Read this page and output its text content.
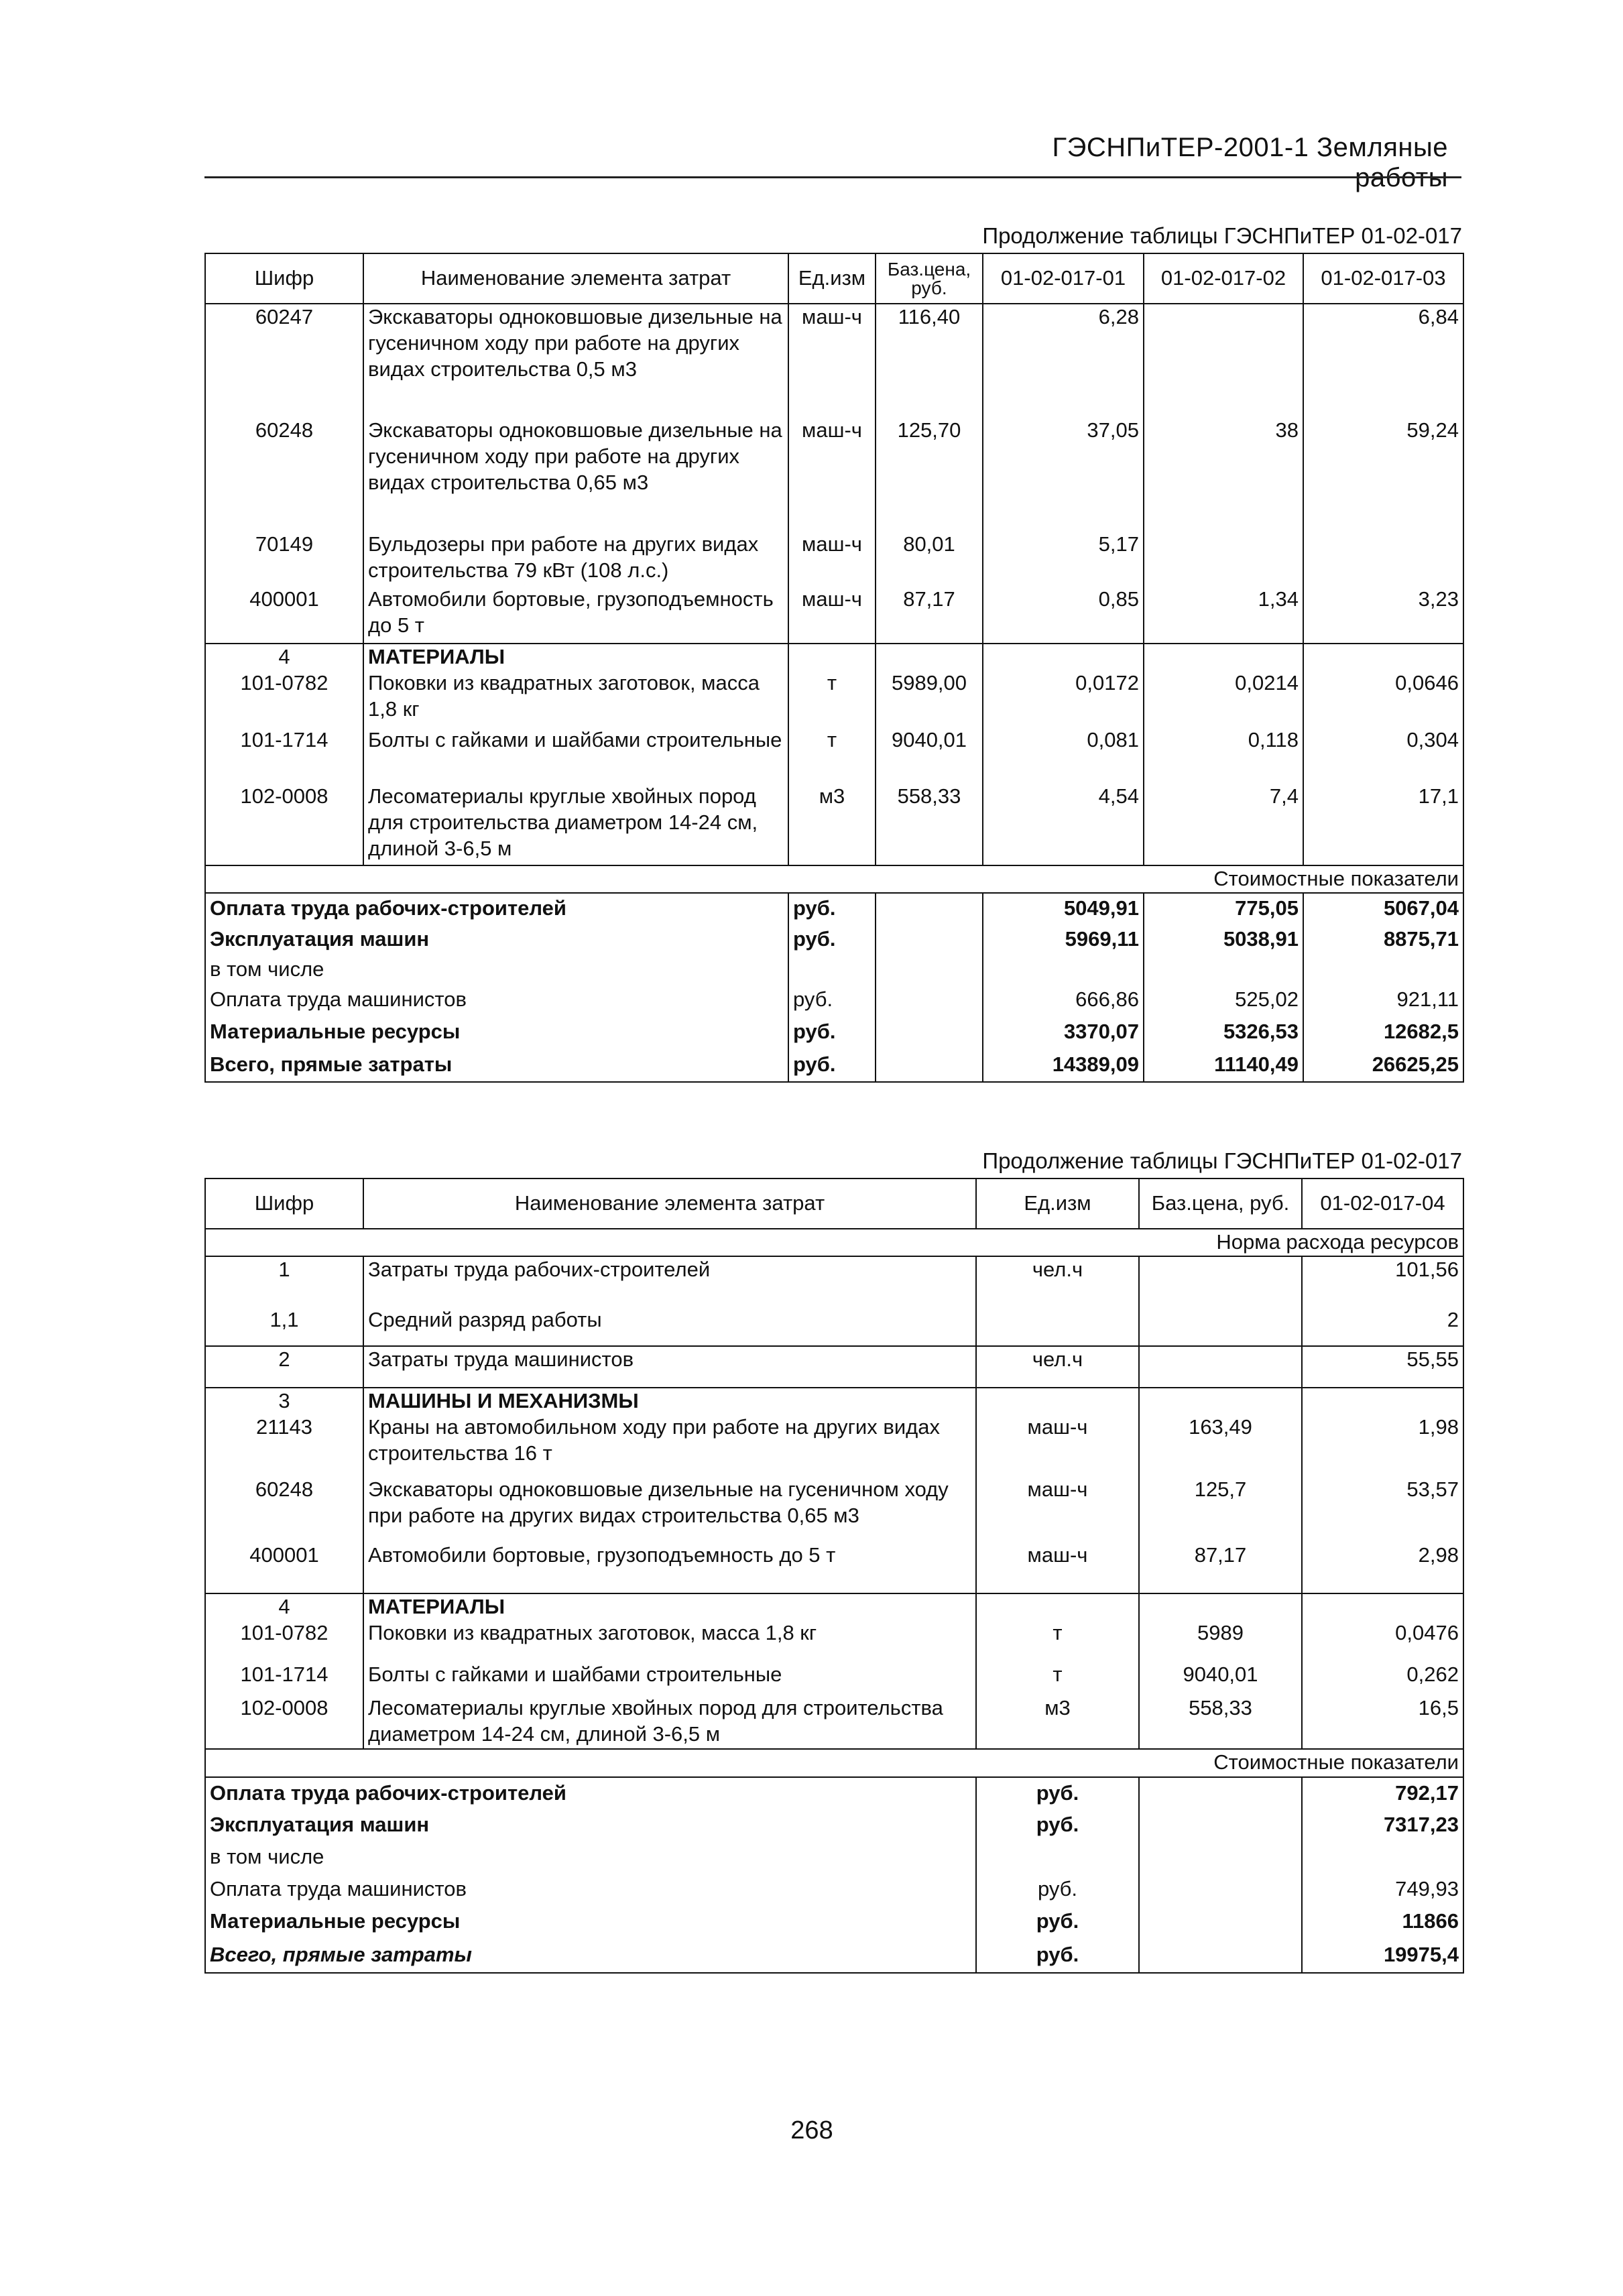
ГЭСНПиТЕР-2001-1 Земляные работы
Продолжение таблицы ГЭСНПиТЕР 01-02-017
Шифр	Наименование элемента затрат	Ед.изм	Баз.цена, руб.	01-02-017-01	01-02-017-02	01-02-017-03
60247	Экскаваторы одноковшовые дизельные на гусеничном ходу при работе на других видах строительства 0,5 м3	маш-ч	116,40	6,28		6,84
60248	Экскаваторы одноковшовые дизельные на гусеничном ходу при работе на других видах строительства 0,65 м3	маш-ч	125,70	37,05	38	59,24
70149	Бульдозеры при работе на других видах строительства 79 кВт (108 л.с.)	маш-ч	80,01	5,17		
400001	Автомобили бортовые, грузоподъемность до 5 т	маш-ч	87,17	0,85	1,34	3,23
4	МАТЕРИАЛЫ					
101-0782	Поковки из квадратных заготовок, масса 1,8 кг	т	5989,00	0,0172	0,0214	0,0646
101-1714	Болты с гайками и шайбами строительные	т	9040,01	0,081	0,118	0,304
102-0008	Лесоматериалы круглые хвойных пород для строительства диаметром 14-24 см, длиной 3-6,5 м	м3	558,33	4,54	7,4	17,1
Стоимостные показатели						
Оплата труда рабочих-строителей		руб.		5049,91	775,05	5067,04
Эксплуатация машин		руб.		5969,11	5038,91	8875,71
в том числе						
Оплата труда машинистов		руб.		666,86	525,02	921,11
Материальные ресурсы		руб.		3370,07	5326,53	12682,5
Всего, прямые затраты		руб.		14389,09	11140,49	26625,25
Продолжение таблицы ГЭСНПиТЕР 01-02-017
Шифр	Наименование элемента затрат	Ед.изм	Баз.цена, руб.	01-02-017-04
Норма расхода ресурсов				
1	Затраты труда рабочих-строителей	чел.ч		101,56
1,1	Средний разряд работы			2
2	Затраты труда машинистов	чел.ч		55,55
3	МАШИНЫ И МЕХАНИЗМЫ			
21143	Краны на автомобильном ходу при работе на других видах строительства 16 т	маш-ч	163,49	1,98
60248	Экскаваторы одноковшовые дизельные на гусеничном ходу при работе на других видах строительства 0,65 м3	маш-ч	125,7	53,57
400001	Автомобили бортовые, грузоподъемность до 5 т	маш-ч	87,17	2,98
4	МАТЕРИАЛЫ			
101-0782	Поковки из квадратных заготовок, масса 1,8 кг	т	5989	0,0476
101-1714	Болты с гайками и шайбами строительные	т	9040,01	0,262
102-0008	Лесоматериалы круглые хвойных пород для строительства диаметром 14-24 см, длиной 3-6,5 м	м3	558,33	16,5
Стоимостные показатели				
Оплата труда рабочих-строителей		руб.		792,17
Эксплуатация машин		руб.		7317,23
в том числе				
Оплата труда машинистов		руб.		749,93
Материальные ресурсы		руб.		11866
Всего, прямые затраты		руб.		19975,4
268
